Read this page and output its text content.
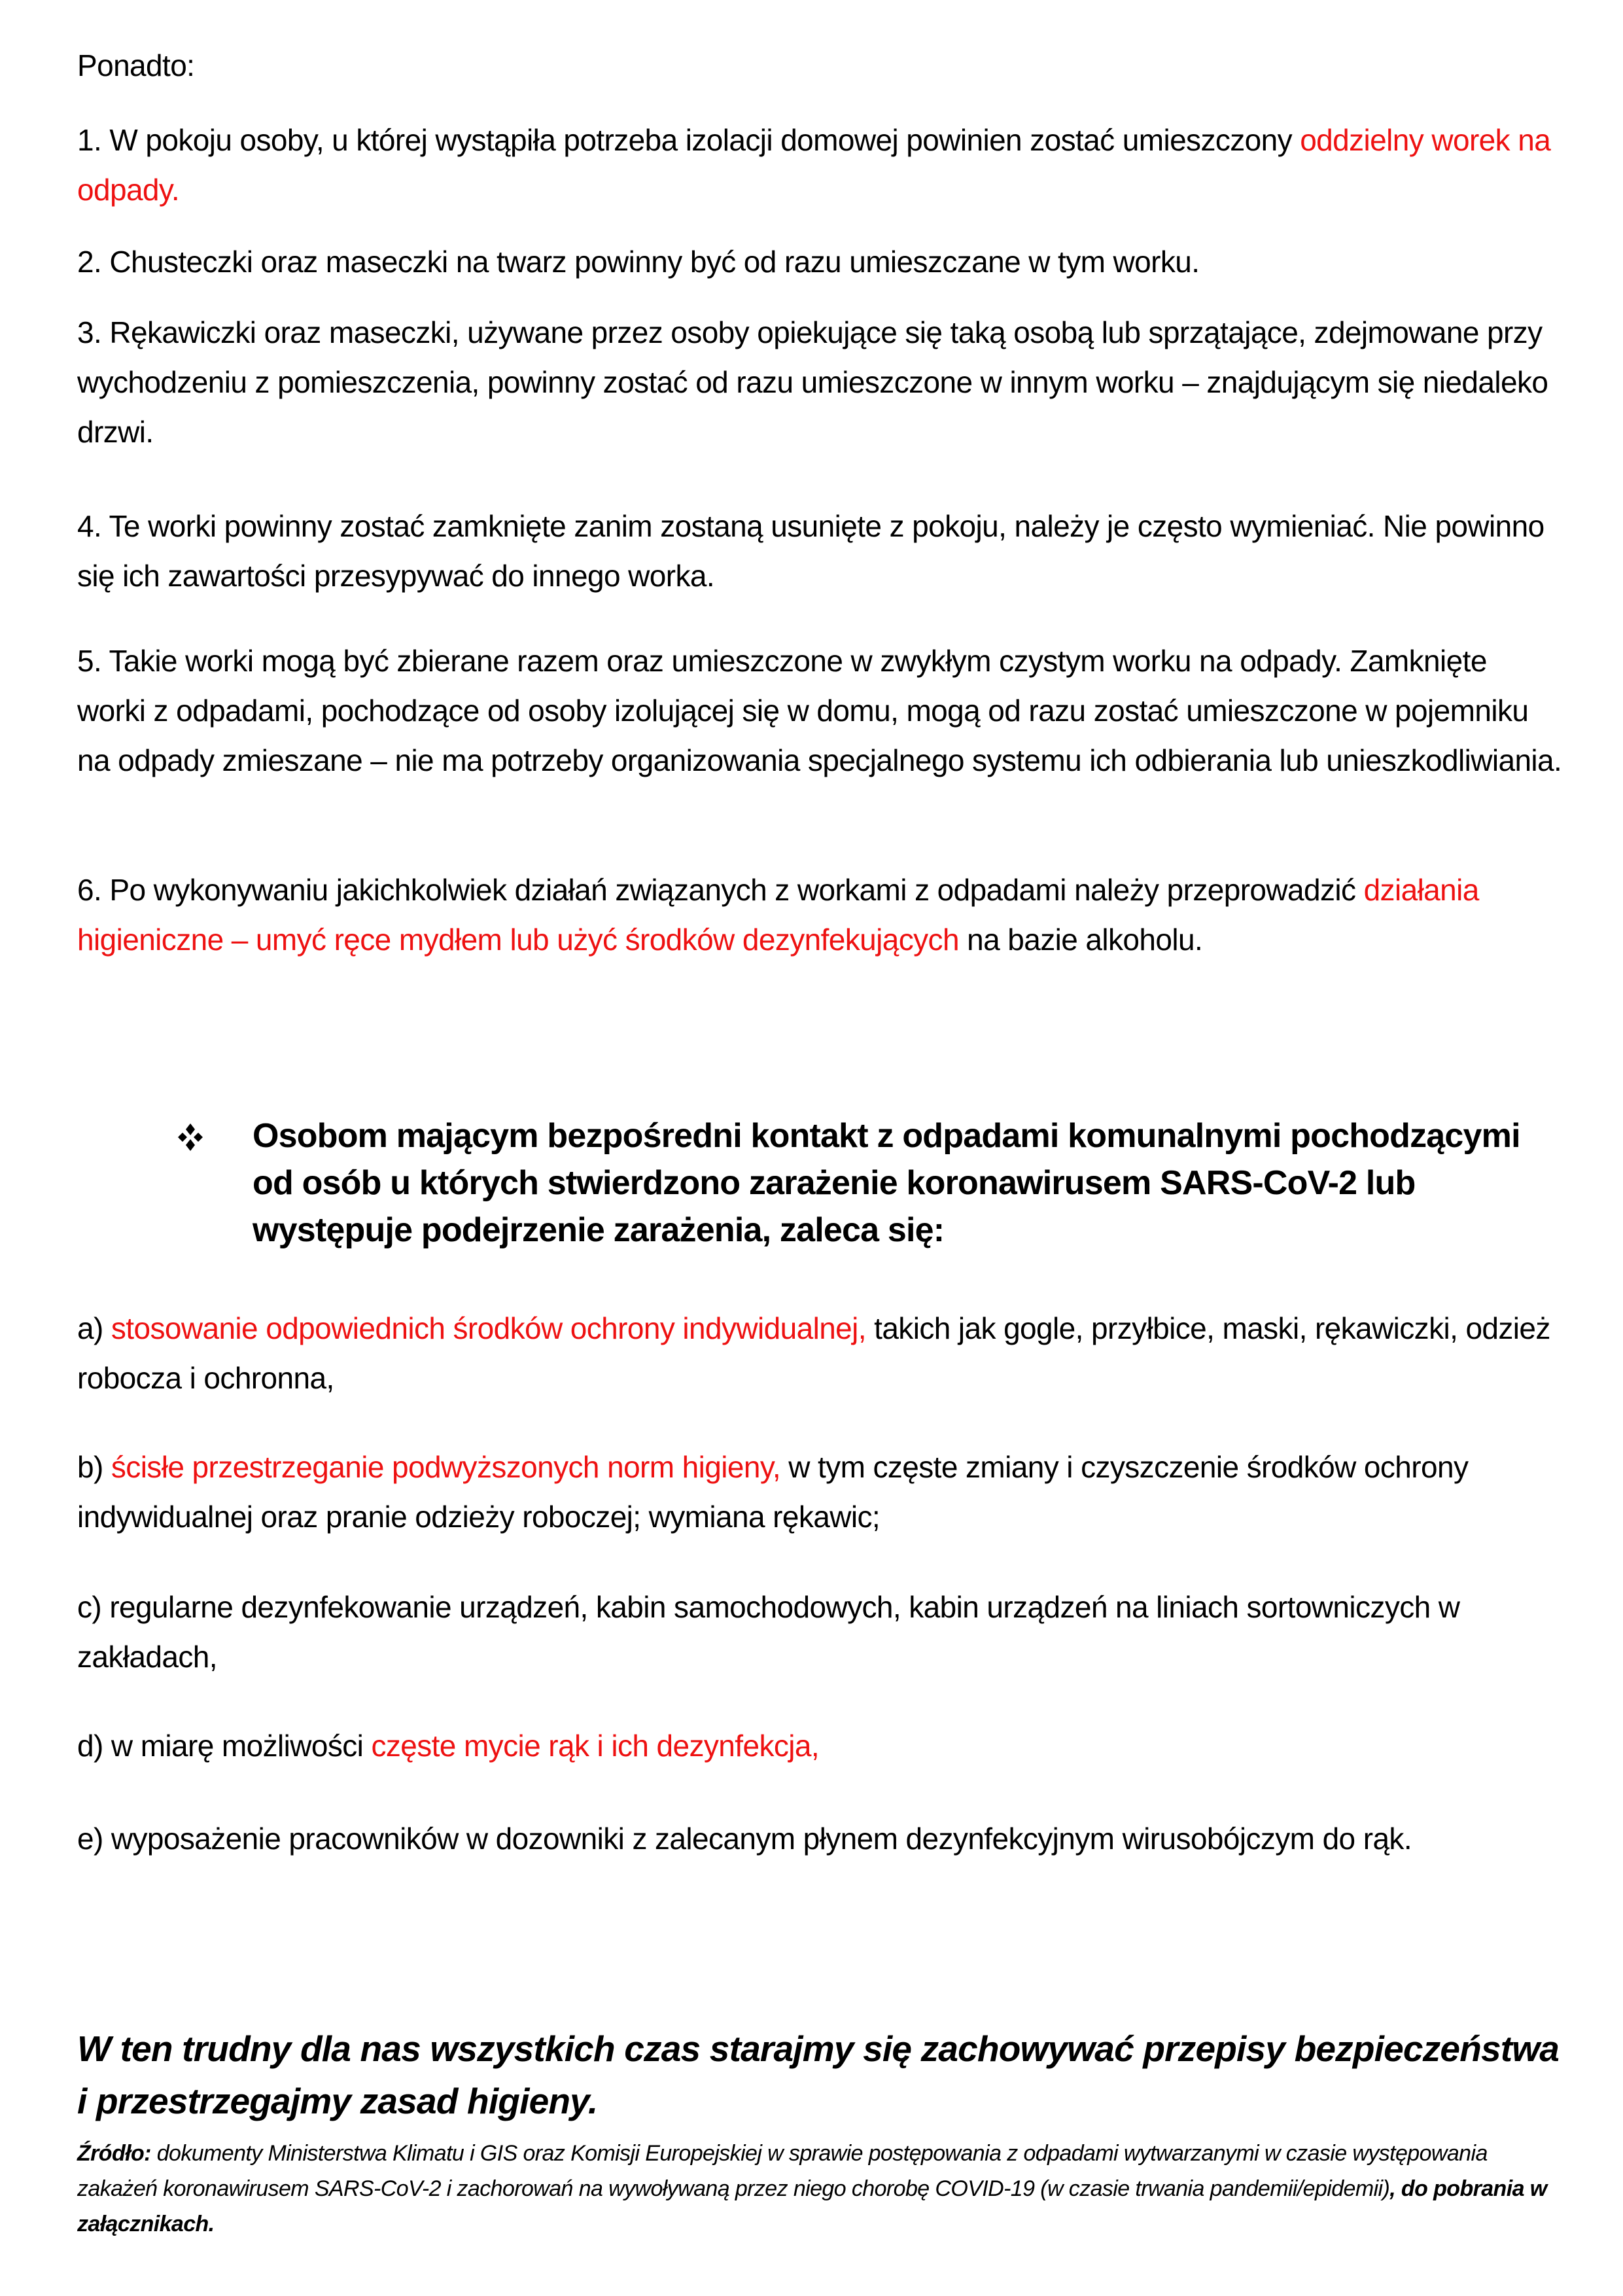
Ponadto:

1. W pokoju osoby, u której wystąpiła potrzeba izolacji domowej powinien zostać umieszczony oddzielny worek na odpady.

2. Chusteczki oraz maseczki na twarz powinny być od razu umieszczane w tym worku.

3. Rękawiczki oraz maseczki, używane przez osoby opiekujące się taką osobą lub sprzątające, zdejmowane przy wychodzeniu z pomieszczenia, powinny zostać od razu umieszczone w innym worku – znajdującym się niedaleko drzwi.

4. Te worki powinny zostać zamknięte zanim zostaną usunięte z pokoju, należy je często wymieniać. Nie powinno się ich zawartości przesypywać do innego worka.

5. Takie worki mogą być zbierane razem oraz umieszczone w zwykłym czystym worku na odpady. Zamknięte worki z odpadami, pochodzące od osoby izolującej się w domu, mogą od razu zostać umieszczone w pojemniku na odpady zmieszane – nie ma potrzeby organizowania specjalnego systemu ich odbierania lub unieszkodliwiania.

6. Po wykonywaniu jakichkolwiek działań związanych z workami z odpadami należy przeprowadzić działania higieniczne – umyć ręce mydłem lub użyć środków dezynfekujących na bazie alkoholu.

Osobom mającym bezpośredni kontakt z odpadami komunalnymi pochodzącymi od osób u których stwierdzono zarażenie koronawirusem SARS-CoV-2 lub występuje podejrzenie zarażenia, zaleca się:

a) stosowanie odpowiednich środków ochrony indywidualnej, takich jak gogle, przyłbice, maski, rękawiczki, odzież robocza i ochronna,

b) ścisłe przestrzeganie podwyższonych norm higieny, w tym częste zmiany i czyszczenie środków ochrony indywidualnej oraz pranie odzieży roboczej; wymiana rękawic;

c) regularne dezynfekowanie urządzeń, kabin samochodowych, kabin urządzeń na liniach sortowniczych w zakładach,

d) w miarę możliwości częste mycie rąk i ich dezynfekcja,

e) wyposażenie pracowników w dozowniki z zalecanym płynem dezynfekcyjnym wirusobójczym do rąk.

W ten trudny dla nas wszystkich czas starajmy się zachowywać przepisy bezpieczeństwa i przestrzegajmy zasad higieny.

Źródło: dokumenty Ministerstwa Klimatu i GIS oraz Komisji Europejskiej w sprawie postępowania z odpadami wytwarzanymi w czasie występowania zakażeń koronawirusem SARS-CoV-2 i zachorowań na wywoływaną przez niego chorobę COVID-19 (w czasie trwania pandemii/epidemii), do pobrania w załącznikach.
